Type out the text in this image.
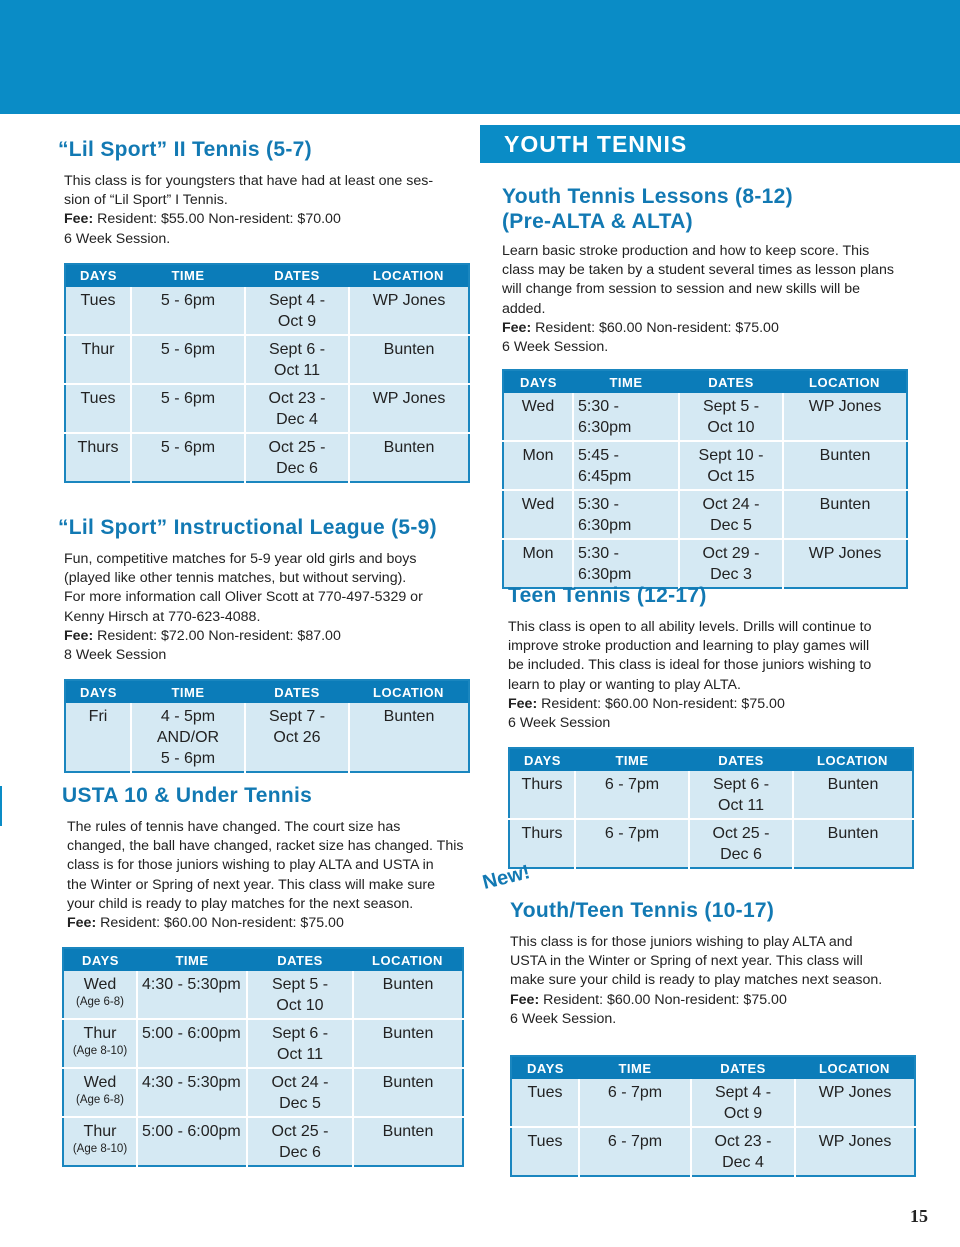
YOUTH TENNIS
“Lil Sport” II Tennis (5-7)
This class is for youngsters that have had at least one ses-
sion of “Lil Sport” I Tennis.
Fee: Resident: $55.00 Non-resident: $70.00
6 Week Session.
DAYS	TIME	DATES	LOCATION

Tues	5 - 6pm	Sept 4 -
Oct 9	WP Jones

Thur	5 - 6pm	Sept 6 -
Oct 11	Bunten

Tues	5 - 6pm	Oct 23 -
Dec 4	WP Jones

Thurs	5 - 6pm	Oct 25 -
Dec 6	Bunten
“Lil Sport” Instructional League (5-9)
Fun, competitive matches for 5-9 year old girls and boys
(played like other tennis matches, but without serving).
For more information call Oliver Scott at 770-497-5329 or
Kenny Hirsch at 770-623-4088.
Fee: Resident: $72.00 Non-resident: $87.00
8 Week Session
DAYS	TIME	DATES	LOCATION

Fri	4 - 5pm
AND/OR
5 - 6pm	Sept 7 -
Oct 26	Bunten
USTA 10 & Under Tennis
The rules of tennis have changed. The court size has
changed, the ball have changed, racket size has changed. This
class is for those juniors wishing to play ALTA and USTA in
the Winter or Spring of next year. This class will make sure
your child is ready to play matches for the next season.
Fee: Resident: $60.00 Non-resident: $75.00
DAYS	TIME	DATES	LOCATION

Wed
(Age 6-8)	4:30 - 5:30pm	Sept 5 -
Oct 10	Bunten

Thur
(Age 8-10)	5:00 - 6:00pm	Sept 6 -
Oct 11	Bunten

Wed
(Age 6-8)	4:30 - 5:30pm	Oct 24 -
Dec 5	Bunten

Thur
(Age 8-10)	5:00 - 6:00pm	Oct 25 -
Dec 6	Bunten
Youth Tennis Lessons (8-12)
(Pre-ALTA & ALTA)
Learn basic stroke production and how to keep score. This
class may be taken by a student several times as lesson plans
will change from session to session and new skills will be
added.
Fee: Resident: $60.00 Non-resident: $75.00
6 Week Session.
DAYS	TIME	DATES	LOCATION

Wed	5:30 - 6:30pm	Sept 5 -
Oct 10	WP Jones

Mon	5:45 - 6:45pm	Sept 10 -
Oct 15	Bunten

Wed	5:30 - 6:30pm	Oct 24 -
Dec 5	Bunten

Mon	5:30 - 6:30pm	Oct 29 -
Dec 3	WP Jones
Teen Tennis (12-17)
This class is open to all ability levels. Drills will continue to
improve stroke production and learning to play games will
be included. This class is ideal for those juniors wishing to
learn to play or wanting to play ALTA.
Fee: Resident: $60.00 Non-resident: $75.00
6 Week Session
DAYS	TIME	DATES	LOCATION

Thurs	6 - 7pm	Sept 6 -
Oct 11	Bunten

Thurs	6 - 7pm	Oct 25 -
Dec 6	Bunten
New!
Youth/Teen Tennis (10-17)
This class is for those juniors wishing to play ALTA and
USTA in the Winter or Spring of next year. This class will
make sure your child is ready to play matches next season.
Fee: Resident: $60.00 Non-resident: $75.00
6 Week Session.
DAYS	TIME	DATES	LOCATION

Tues	6 - 7pm	Sept 4 -
Oct 9	WP Jones

Tues	6 - 7pm	Oct 23 -
Dec 4	WP Jones
15
